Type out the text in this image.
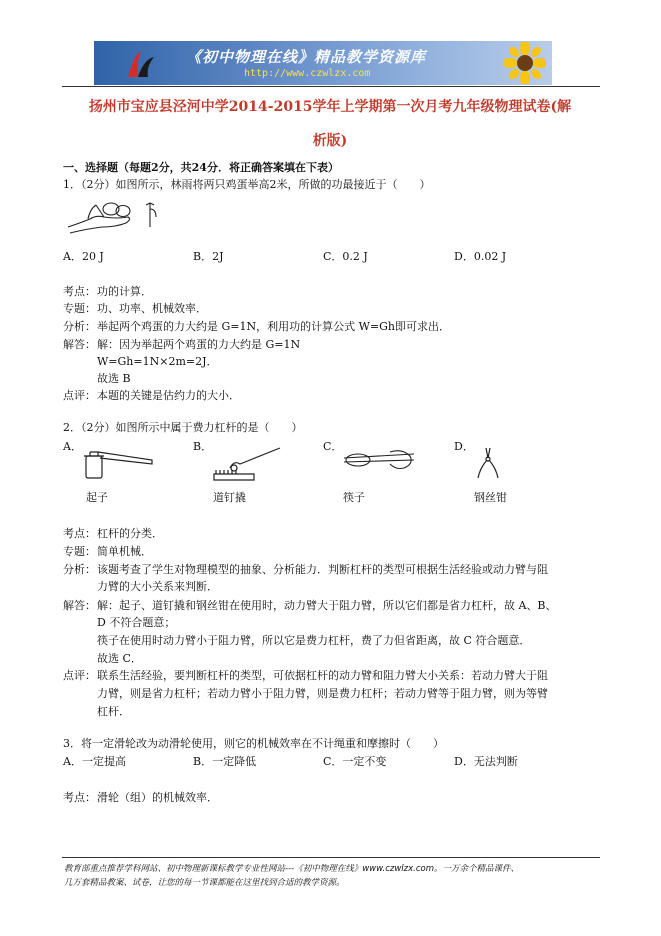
《初中物理在线》精品教学资源库
http://www.czwlzx.com
扬州市宝应县泾河中学2014-2015学年上学期第一次月考九年级物理试卷(解
析版)
一、选择题（每题2分，共24分．将正确答案填在下表）
1．（2分）如图所示，林雨将两只鸡蛋举高2米，所做的功最接近于（　　）
A．20 J	B．2J	C．0.2 J	D．0.02 J
考点： 功的计算．
专题： 功、功率、机械效率．
分析： 举起两个鸡蛋的力大约是 G=1N，利用功的计算公式 W=Gh即可求出．
解答： 解：因为举起两个鸡蛋的力大约是 G=1N
W=Gh=1N×2m=2J．
故选 B
点评： 本题的关键是估约力的大小．
2．（2分）如图所示中属于费力杠杆的是（　　）
A．	B．	C．	D．
起子	道钉撬	筷子	钢丝钳
考点： 杠杆的分类．
专题： 简单机械．
分析： 该题考查了学生对物理模型的抽象、分析能力．判断杠杆的类型可根据生活经验或动力臂与阻
力臂的大小关系来判断．
解答： 解：起子、道钉撬和钢丝钳在使用时，动力臂大于阻力臂，所以它们都是省力杠杆，故 A、B、
D 不符合题意；
筷子在使用时动力臂小于阻力臂，所以它是费力杠杆，费了力但省距离，故 C 符合题意．
故选 C．
点评： 联系生活经验，要判断杠杆的类型，可依据杠杆的动力臂和阻力臂大小关系：若动力臂大于阻
力臂，则是省力杠杆；若动力臂小于阻力臂，则是费力杠杆；若动力臂等于阻力臂，则为等臂
杠杆．
3．将一定滑轮改为动滑轮使用，则它的机械效率在不计绳重和摩擦时（　　）
A．一定提高	B．一定降低	C．一定不变	D．无法判断
考点： 滑轮（组）的机械效率．
教育部重点推荐学科网站、初中物理新课标教学专业性网站---《初中物理在线》www.czwlzx.com。一万余个精品课件、
几万套精品教案、试卷，让您的每一节课都能在这里找到合适的教学资源。
